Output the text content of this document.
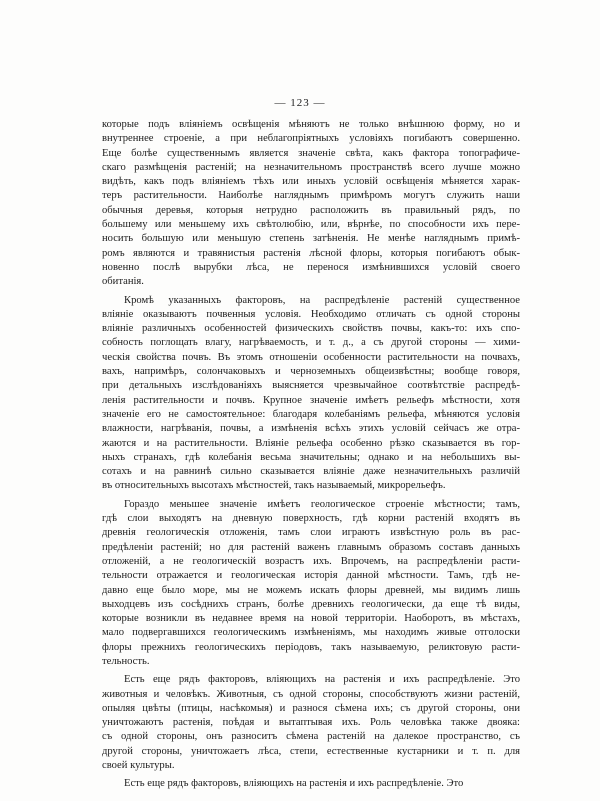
— 123 —
которые подъ вліяніемъ освѣщенія мѣняютъ не только внѣшнюю форму, но и
внутреннее строеніе, а при неблагопріятныхъ условіяхъ погибаютъ совершенно.
Еще болѣе существеннымъ является значеніе свѣта, какъ фактора топографиче-
скаго размѣщенія растеній; на незначительномъ пространствѣ всего лучше можно
видѣть, какъ подъ вліяніемъ тѣхъ или иныхъ условій освѣщенія мѣняется харак-
теръ растительности. Наиболѣе нагляднымъ примѣромъ могутъ служить наши
обычныя деревья, которыя нетрудно расположить въ правильный рядъ, по
большему или меньшему ихъ свѣтолюбію, или, вѣрнѣе, по способности ихъ пере-
носить большую или меньшую степень затѣненія. Не менѣе нагляднымъ примѣ-
ромъ являются и травянистыя растенія лѣсной флоры, которыя погибаютъ обык-
новенно послѣ вырубки лѣса, не перенося измѣнившихся условій своего
обитанія.
Кромѣ указанныхъ факторовъ, на распредѣленіе растеній существенное
вліяніе оказываютъ почвенныя условія. Необходимо отличать съ одной стороны
вліяніе различныхъ особенностей физическихъ свойствъ почвы, какъ-то: ихъ спо-
собность поглощать влагу, нагрѣваемость, и т. д., а съ другой стороны — хими-
ческія свойства почвъ. Въ этомъ отношеніи особенности растительности на почвахъ,
вахъ, напримѣръ, солончаковыхъ и черноземныхъ общеизвѣстны; вообще говоря,
при детальныхъ изслѣдованіяхъ выясняется чрезвычайное соотвѣтствіе распредѣ-
ленія растительности и почвъ. Крупное значеніе имѣетъ рельефъ мѣстности, хотя
значеніе его не самостоятельное: благодаря колебаніямъ рельефа, мѣняются условія
влажности, нагрѣванія, почвы, а измѣненія всѣхъ этихъ условій сейчасъ же отра-
жаются и на растительности. Вліяніе рельефа особенно рѣзко сказывается въ гор-
ныхъ странахъ, гдѣ колебанія весьма значительны; однако и на небольшихъ вы-
сотахъ и на равнинѣ сильно сказывается вліяніе даже незначительныхъ различій
въ относительныхъ высотахъ мѣстностей, такъ называемый, микрорельефъ.
Гораздо меньшее значеніе имѣетъ геологическое строеніе мѣстности; тамъ,
гдѣ слои выходятъ на дневную поверхность, гдѣ корни растеній входятъ въ
древнія геологическія отложенія, тамъ слои играютъ извѣстную роль въ рас-
предѣленіи растеній; но для растеній важенъ главнымъ образомъ составъ данныхъ
отложеній, а не геологическій возрастъ ихъ. Впрочемъ, на распредѣленіи расти-
тельности отражается и геологическая исторія данной мѣстности. Тамъ, гдѣ не-
давно еще было море, мы не можемъ искать флоры древней, мы видимъ лишь
выходцевъ изъ сосѣднихъ странъ, болѣе древнихъ геологически, да еще тѣ виды,
которые возникли въ недавнее время на новой территоріи. Наоборотъ, въ мѣстахъ,
мало подвергавшихся геологическимъ измѣненіямъ, мы находимъ живые отголоски
флоры прежнихъ геологическихъ періодовъ, такъ называемую, реликтовую расти-
тельность.
Есть еще рядъ факторовъ, вліяющихъ на растенія и ихъ распредѣленіе. Это
животныя и человѣкъ. Животныя, съ одной стороны, способствуютъ жизни растеній,
опыляя цвѣты (птицы, насѣкомыя) и разнося сѣмена ихъ; съ другой стороны, они
уничтожаютъ растенія, поѣдая и вытаптывая ихъ. Роль человѣка также двояка:
съ одной стороны, онъ разноситъ сѣмена растеній на далекое пространство, съ
другой стороны, уничтожаетъ лѣса, степи, естественные кустарники и т. п. для
своей культуры.
Есть еще рядъ факторовъ, вліяющихъ на растенія и ихъ распредѣленіе. Это
